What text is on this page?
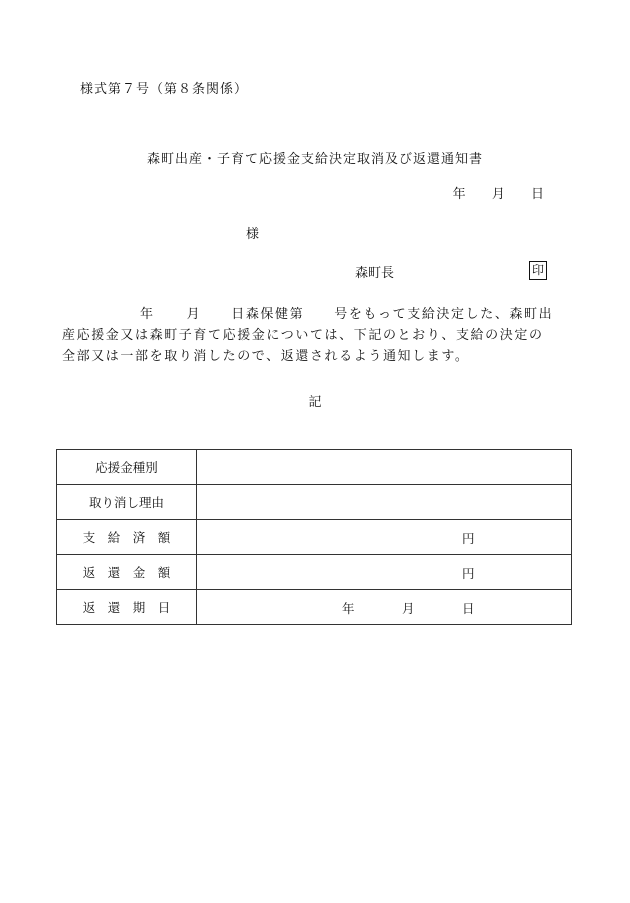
様式第７号（第８条関係）
森町出産・子育て応援金支給決定取消及び返還通知書
年 月 日
様
森町長	印
年 月 日森保健第 号をもって支給決定した、森町出
産応援金又は森町子育て応援金については、下記のとおり、支給の決定の
全部又は一部を取り消したので、返還されるよう通知します。
記
応援金種別	
取り消し理由	
支　給　済　額	円

返　還　金　額	円

返　還　期　日	年 月 日
